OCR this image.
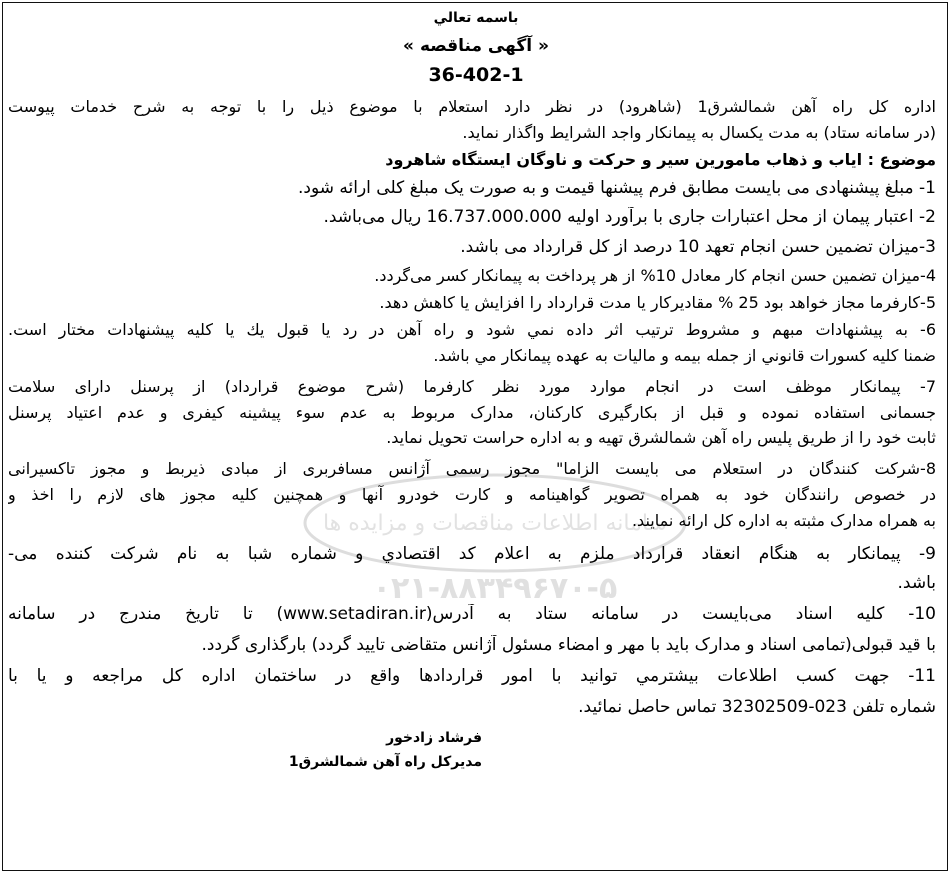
سامانه اطلاعات مناقصات و مزایده ها
۰۲۱-۸۸۳۴۹۶۷۰-۵
باسمه تعالي
« آگهی مناقصه »
36-402-1
اداره کل راه آهن شمالشرق1 (شاهرود) در نظر دارد استعلام با موضوع ذیل را با توجه به شرح خدمات پیوست
(در سامانه ستاد) به مدت یکسال به پیمانکار واجد الشرایط واگذار نماید.
موضوع : ایاب و ذهاب مامورین سیر و حرکت و ناوگان ایستگاه شاهرود
1- مبلغ پیشنهادی می بایست مطابق فرم پیشنها قیمت و به صورت یک مبلغ کلی ارائه شود.
2- اعتبار پیمان از محل اعتبارات جاری با برآورد اولیه 16.737.000.000 ریال می‌باشد.
3-میزان تضمین حسن انجام تعهد 10 درصد از کل قرارداد می باشد.
4-میزان تضمین حسن انجام کار معادل 10% از هر پرداخت به پیمانکار کسر می‌گردد.
5-کارفرما مجاز خواهد بود 25 % مقادیرکار یا مدت قرارداد را افزایش یا کاهش دهد.
6- به پیشنهادات مبهم و مشروط ترتیب اثر داده نمي شود و راه آهن در رد يا قبول يك يا كليه پيشنهادات مختار است.
ضمنا كليه كسورات قانوني از جمله بيمه و ماليات به عهده پيمانكار مي باشد.
7- پیمانکار موظف است در انجام موارد مورد نظر کارفرما (شرح موضوع قرارداد) از پرسنل دارای سلامت
جسمانی استفاده نموده و قبل از بکارگیری کارکنان، مدارک مربوط به عدم سوء پیشینه کیفری و عدم اعتیاد پرسنل
ثابت خود را از طریق پلیس راه آهن شمالشرق تهیه و به اداره حراست تحویل نماید.
8-شرکت کنندگان در استعلام می بایست الزاما" مجوز رسمی آژانس مسافربری از مبادی ذیربط و مجوز تاکسیرانی
در خصوص رانندگان خود به همراه تصویر گواهینامه و کارت خودرو آنها و همچنین کلیه مجوز های لازم را اخذ و
به همراه مدارک مثبته به اداره کل ارائه نمایند.
9- پیمانکار به هنگام انعقاد قرارداد ملزم به اعلام کد اقتصادي و شماره شبا به نام شرکت کننده می-
باشد.
10- کلیه اسناد می‌بایست در سامانه ستاد به آدرس(www.setadiran.ir) تا تاریخ مندرج در سامانه
با قید قبولی(تمامی اسناد و مدارک باید با مهر و امضاء مسئول آژانس متقاضی تایید گردد) بارگذاری گردد.
11- جهت کسب اطلاعات بيشترمي توانيد با امور قراردادها واقع در ساختمان اداره کل مراجعه و يا با
شماره تلفن 023-32302509 تماس حاصل نمائيد.
فرشاد زادخور
مدیرکل راه آهن شمالشرق1
